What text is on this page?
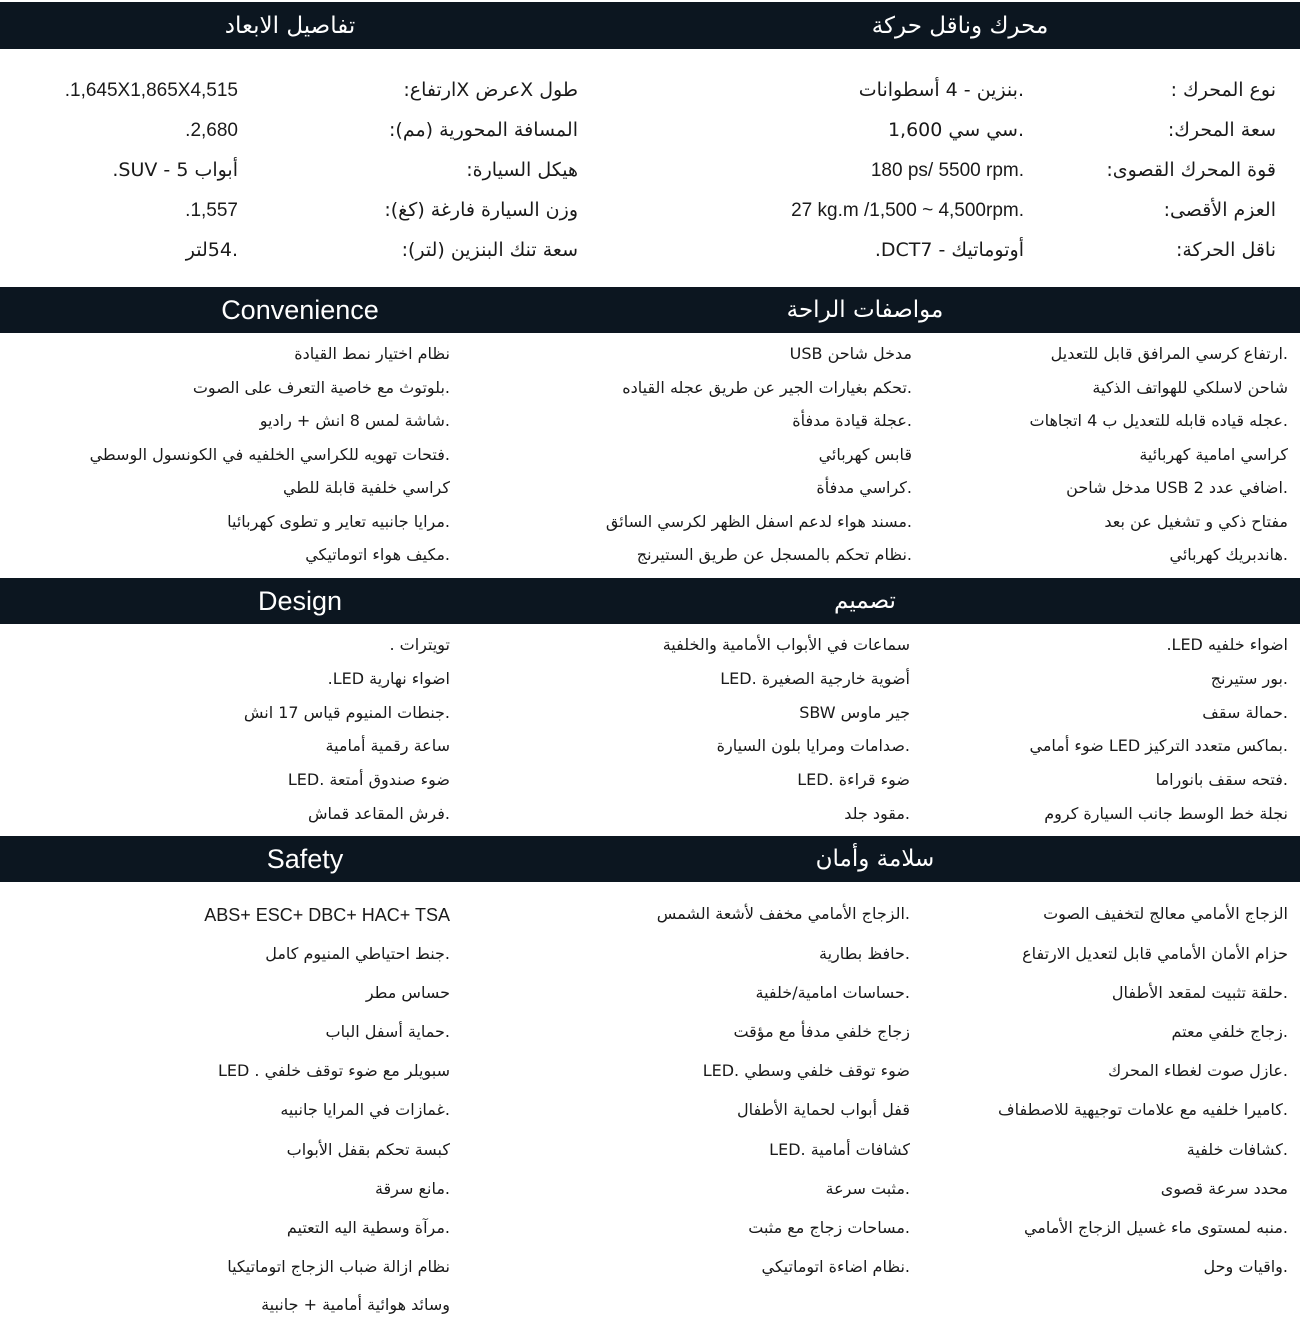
محرك وناقل حركة
تفاصيل الابعاد
مواصفات الراحة
Convenience
تصميم
Design
سلامة وأمان
Safety
نوع المحرك :
.بنزين - 4 أسطوانات
سعة المحرك:
.سي سي 1,600
قوة المحرك القصوى:
180 ps/ 5500 rpm.
العزم الأقصى:
27 kg.m /1,500 ~ 4,500rpm.
ناقل الحركة:
.DCTأوتوماتيك - 7
طول Xعرض Xارتفاع:
.1,645X1,865X4,515
المسافة المحورية (مم):
.2,680
هيكل السيارة:
.SUV - أبواب 5
وزن السيارة فارغة (كغ):
.1,557
سعة تنك البنزين (لتر):
.54لتر
.ارتفاع كرسي المرافق قابل للتعديل
شاحن لاسلكي للهواتف الذكية
.عجله قياده قابله للتعديل ب 4 اتجاهات
كراسي امامية كهربائية
.اضافي عدد 2 USB مدخل شاحن
مفتاح ذكي و تشغيل عن بعد
.هاندبريك كهربائي
مدخل شاحن USB
.تحكم بغيارات الجير عن طريق عجله القياده
.عجلة قيادة مدفأة
قابس كهربائي
.كراسي مدفأة
.مسند هواء لدعم اسفل الظهر لكرسي السائق
.نظام تحكم بالمسجل عن طريق الستيرنج
نظام اختيار نمط القيادة
.بلوتوث مع خاصية التعرف على الصوت
.شاشة لمس 8 انش + راديو
.فتحات تهويه للكراسي الخلفيه في الكونسول الوسطي
كراسي خلفية قابلة للطي
.مرايا جانبيه تعاير و تطوى كهربائيا
.مكيف هواء اتوماتيكي
اضواء خلفيه LED.
.بور ستيرنج
.حمالة سقف
.بماكس متعدد التركيز LED ضوء أمامي
.فتحه سقف بانوراما
نجلة خط الوسط جانب السيارة كروم
سماعات في الأبواب الأمامية والخلفية
LED. أضوية خارجية الصغيرة
SBW جير ماوس
.صدامات ومرايا بلون السيارة
LED. ضوء قراءة
.مقود جلد
تويترات .
اضواء نهارية LED.
.جنطات المنيوم قياس 17 انش
ساعة رقمية أمامية
LED. ضوء صندوق أمتعة
.فرش المقاعد قماش
الزجاج الأمامي معالج لتخفيف الصوت
حزام الأمان الأمامي قابل لتعديل الارتفاع
.حلقة تثبيت لمقعد الأطفال
.زجاج خلفي معتم
.عازل صوت لغطاء المحرك
.كاميرا خلفيه مع علامات توجيهية للاصطفاف
.كشافات خلفية
محدد سرعة قصوى
.منبه لمستوى ماء غسيل الزجاج الأمامي
.واقيات وحل
.الزجاج الأمامي مخفف لأشعة الشمس
.حافظ بطارية
.حساسات امامية/خلفية
زجاج خلفي مدفأ مع مؤقت
LED. ضوء توقف خلفي وسطي
قفل أبواب لحماية الأطفال
LED. كشافات أمامية
.مثبت سرعة
.مساحات زجاج مع مثبت
.نظام اضاءة اتوماتيكي
ABS+ ESC+ DBC+ HAC+ TSA
.جنط احتياطي المنيوم كامل
حساس مطر
.حماية أسفل الباب
LED . سبويلر مع ضوء توقف خلفي
.غمازات في المرايا جانبيه
كبسة تحكم بقفل الأبواب
.مانع سرقة
.مرآة وسطية اليه التعتيم
نظام ازالة ضباب الزجاج اتوماتيكيا
وسائد هوائية أمامية + جانبية
